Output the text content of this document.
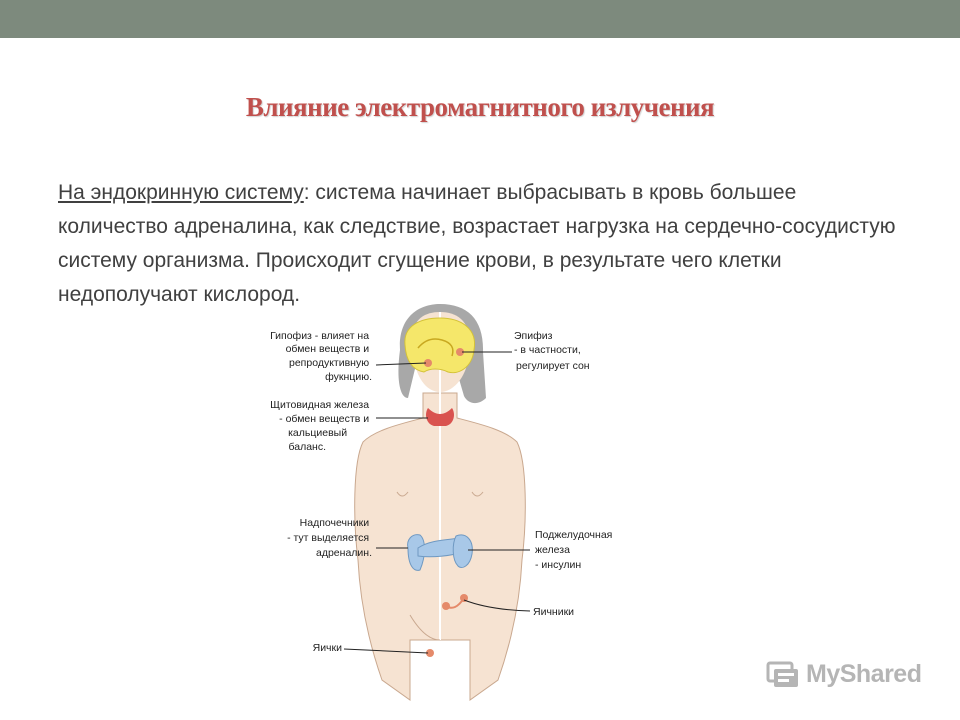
Влияние электромагнитного излучения
На эндокринную систему: система начинает выбрасывать в кровь большее количество адреналина, как следствие, возрастает нагрузка на сердечно-сосудистую систему организма. Происходит сгущение крови, в результате чего клетки недополучают кислород.
Гипофиз - влияет на обмен веществ и репродуктивную фукнцию.
Щитовидная железа - обмен веществ и кальциевый баланс.
Надпочечники - тут выделяется адреналин.
Яички
Эпифиз - в частности, регулирует сон
Поджелудочная железа - инсулин
Яичники
MyShared
